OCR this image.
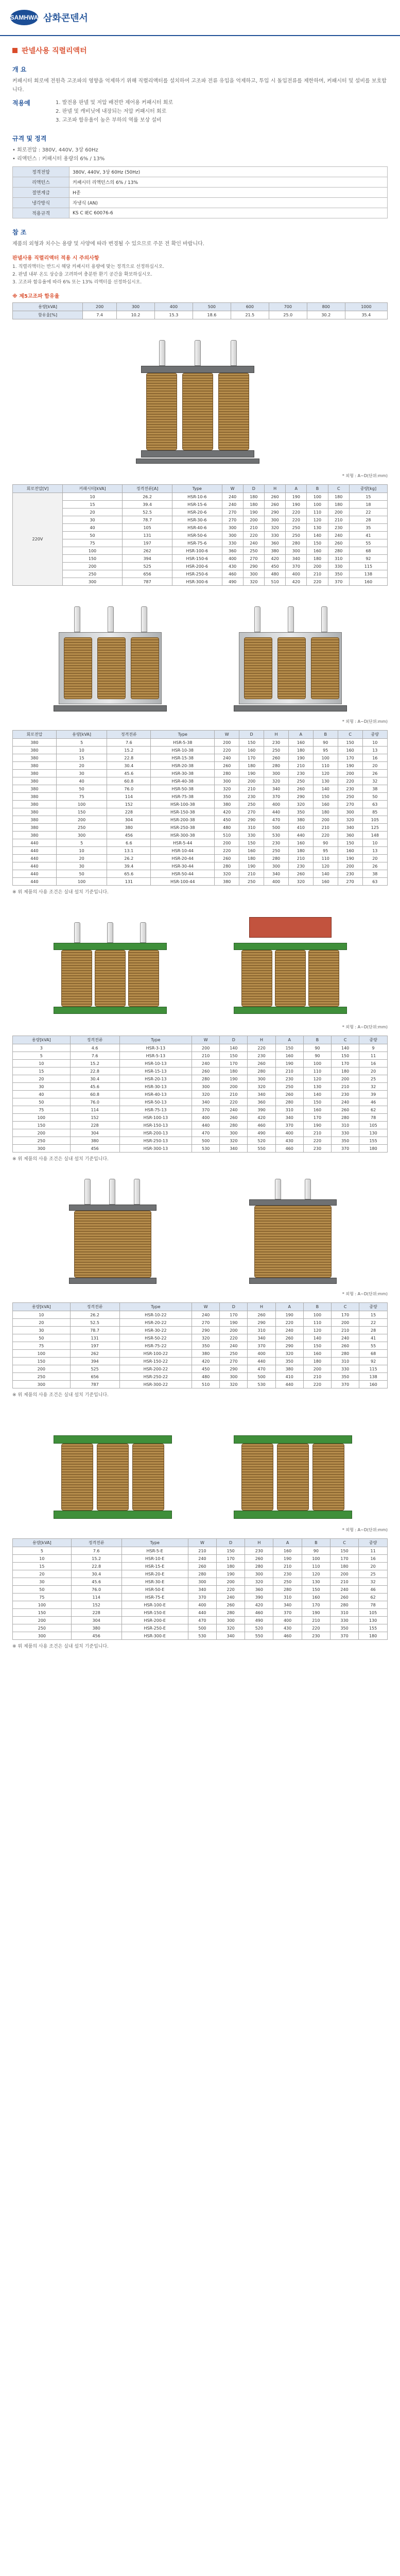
SAMHWA 삼화콘덴서
판넬사용 직렬리액터
개 요
커패시터 회로에 전원측 고조파의 영향을 억제하기 위해 직렬리액터를 설치하여 고조파 전류 유입을 억제하고, 투입 시 돌입전류를 제한하며, 커패시터 및 설비를 보호합니다.
적용예	1. 발전용 판넬 및 저압 배전반 제어용 커패시터 회로
2. 판넬 및 캐비닛에 내장되는 저압 커패시터 회로
3. 고조파 함유율이 높은 부하의 역률 보상 설비
규격 및 정격
• 회로전압 : 380V, 440V, 3상 60Hz
• 리액턴스 : 커패시터 용량의 6% / 13%
정격전압	380V, 440V, 3상 60Hz (50Hz)
리액턴스	커패시터 리액턴스의 6% / 13%
절연계급	H종
냉각방식	자냉식 (AN)
적용규격	KS C IEC 60076-6
참 조
제품의 외형과 치수는 용량 및 사양에 따라 변경될 수 있으므로 주문 전 확인 바랍니다.
판넬사용 직렬리액터 적용 시 주의사항
1. 직렬리액터는 반드시 해당 커패시터 용량에 맞는 정격으로 선정하십시오.
2. 판넬 내부 온도 상승을 고려하여 충분한 환기 공간을 확보하십시오.
3. 고조파 함유율에 따라 6% 또는 13% 리액터를 선정하십시오.
※ 제5고조파 함유율
용량[kVA]	200	300	400	500	600	700	800	1000
함유율[%]	7.4	10.2	15.3	18.6	21.5	25.0	30.2	35.4
* 외형 : A~D(단위:mm)
회로전압[V]	커패시터[kVA]	정격전류[A]	Type	W	D	H	A	B	C	중량[kg]
220V	10	26.2	HSR-10-6	240	180	260	190	100	180	15
	15	39.4	HSR-15-6	240	180	260	190	100	180	18
	20	52.5	HSR-20-6	270	190	290	220	110	200	22
	30	78.7	HSR-30-6	270	200	300	220	120	210	28
	40	105	HSR-40-6	300	210	320	250	130	230	35
	50	131	HSR-50-6	300	220	330	250	140	240	41
	75	197	HSR-75-6	330	240	360	280	150	260	55
	100	262	HSR-100-6	360	250	380	300	160	280	68
	150	394	HSR-150-6	400	270	420	340	180	310	92
	200	525	HSR-200-6	430	290	450	370	200	330	115
	250	656	HSR-250-6	460	300	480	400	210	350	138
	300	787	HSR-300-6	490	320	510	420	220	370	160
* 외형 : A~D(단위:mm)
회로전압	용량[kVA]	정격전류	Type	W	D	H	A	B	C	중량
380	5	7.6	HSR-5-38	200	150	230	160	90	150	10
380	10	15.2	HSR-10-38	220	160	250	180	95	160	13
380	15	22.8	HSR-15-38	240	170	260	190	100	170	16
380	20	30.4	HSR-20-38	260	180	280	210	110	190	20
380	30	45.6	HSR-30-38	280	190	300	230	120	200	26
380	40	60.8	HSR-40-38	300	200	320	250	130	220	32
380	50	76.0	HSR-50-38	320	210	340	260	140	230	38
380	75	114	HSR-75-38	350	230	370	290	150	250	50
380	100	152	HSR-100-38	380	250	400	320	160	270	63
380	150	228	HSR-150-38	420	270	440	350	180	300	85
380	200	304	HSR-200-38	450	290	470	380	200	320	105
380	250	380	HSR-250-38	480	310	500	410	210	340	125
380	300	456	HSR-300-38	510	330	530	440	220	360	148
440	5	6.6	HSR-5-44	200	150	230	160	90	150	10
440	10	13.1	HSR-10-44	220	160	250	180	95	160	13
440	20	26.2	HSR-20-44	260	180	280	210	110	190	20
440	30	39.4	HSR-30-44	280	190	300	230	120	200	26
440	50	65.6	HSR-50-44	320	210	340	260	140	230	38
440	100	131	HSR-100-44	380	250	400	320	160	270	63
※ 위 제품의 사용 조건은 실내 설치 기준입니다.
* 외형 : A~D(단위:mm)
용량[kVA]	정격전류	Type	W	D	H	A	B	C	중량
3	4.6	HSR-3-13	200	140	220	150	90	140	9
5	7.6	HSR-5-13	210	150	230	160	90	150	11
10	15.2	HSR-10-13	240	170	260	190	100	170	16
15	22.8	HSR-15-13	260	180	280	210	110	180	20
20	30.4	HSR-20-13	280	190	300	230	120	200	25
30	45.6	HSR-30-13	300	200	320	250	130	210	32
40	60.8	HSR-40-13	320	210	340	260	140	230	39
50	76.0	HSR-50-13	340	220	360	280	150	240	46
75	114	HSR-75-13	370	240	390	310	160	260	62
100	152	HSR-100-13	400	260	420	340	170	280	78
150	228	HSR-150-13	440	280	460	370	190	310	105
200	304	HSR-200-13	470	300	490	400	210	330	130
250	380	HSR-250-13	500	320	520	430	220	350	155
300	456	HSR-300-13	530	340	550	460	230	370	180
※ 위 제품의 사용 조건은 실내 설치 기준입니다.
* 외형 : A~D(단위:mm)
용량[kVA]	정격전류	Type	W	D	H	A	B	C	중량
10	26.2	HSR-10-22	240	170	260	190	100	170	15
20	52.5	HSR-20-22	270	190	290	220	110	200	22
30	78.7	HSR-30-22	290	200	310	240	120	210	28
50	131	HSR-50-22	320	220	340	260	140	240	41
75	197	HSR-75-22	350	240	370	290	150	260	55
100	262	HSR-100-22	380	250	400	320	160	280	68
150	394	HSR-150-22	420	270	440	350	180	310	92
200	525	HSR-200-22	450	290	470	380	200	330	115
250	656	HSR-250-22	480	300	500	410	210	350	138
300	787	HSR-300-22	510	320	530	440	220	370	160
※ 위 제품의 사용 조건은 실내 설치 기준입니다.
* 외형 : A~D(단위:mm)
용량[kVA]	정격전류	Type	W	D	H	A	B	C	중량
5	7.6	HSR-5-E	210	150	230	160	90	150	11
10	15.2	HSR-10-E	240	170	260	190	100	170	16
15	22.8	HSR-15-E	260	180	280	210	110	180	20
20	30.4	HSR-20-E	280	190	300	230	120	200	25
30	45.6	HSR-30-E	300	200	320	250	130	210	32
50	76.0	HSR-50-E	340	220	360	280	150	240	46
75	114	HSR-75-E	370	240	390	310	160	260	62
100	152	HSR-100-E	400	260	420	340	170	280	78
150	228	HSR-150-E	440	280	460	370	190	310	105
200	304	HSR-200-E	470	300	490	400	210	330	130
250	380	HSR-250-E	500	320	520	430	220	350	155
300	456	HSR-300-E	530	340	550	460	230	370	180
※ 위 제품의 사용 조건은 실내 설치 기준입니다.
